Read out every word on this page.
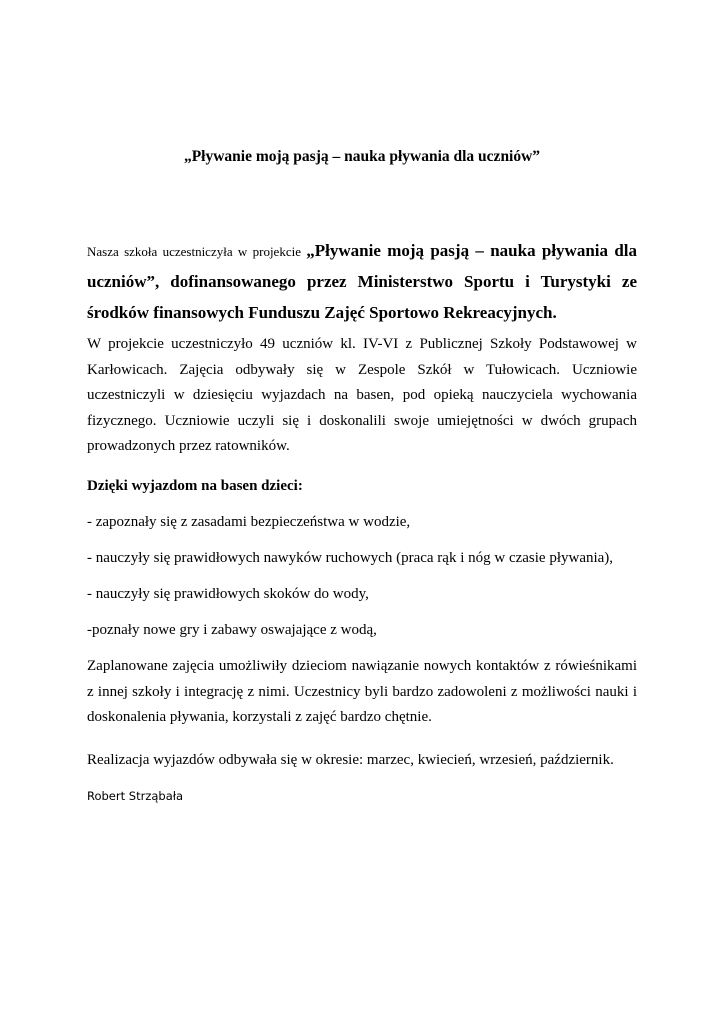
„Pływanie moją pasją – nauka pływania dla uczniów”
Nasza szkoła uczestniczyła w projekcie „Pływanie moją pasją – nauka pływania dla uczniów”, dofinansowanego przez Ministerstwo Sportu i Turystyki ze środków finansowych Funduszu Zajęć Sportowo Rekreacyjnych.
W projekcie uczestniczyło 49 uczniów kl. IV-VI z Publicznej Szkoły Podstawowej w Karłowicach. Zajęcia odbywały się w Zespole Szkół w Tułowicach. Uczniowie uczestniczyli w dziesięciu wyjazdach na basen, pod opieką nauczyciela wychowania fizycznego. Uczniowie uczyli się i doskonalili swoje umiejętności w dwóch grupach prowadzonych przez ratowników.
Dzięki wyjazdom na basen dzieci:
- zapoznały się z zasadami bezpieczeństwa w wodzie,
- nauczyły się prawidłowych nawyków ruchowych (praca rąk i nóg w czasie pływania),
- nauczyły się prawidłowych skoków do wody,
-poznały nowe gry i zabawy oswajające z wodą,
Zaplanowane zajęcia umożliwiły dzieciom nawiązanie nowych kontaktów z rówieśnikami z innej szkoły i integrację z nimi. Uczestnicy byli bardzo zadowoleni z możliwości nauki i doskonalenia pływania, korzystali z zajęć bardzo chętnie.
Realizacja wyjazdów odbywała się w okresie: marzec, kwiecień, wrzesień, październik.
Robert Strząbała
